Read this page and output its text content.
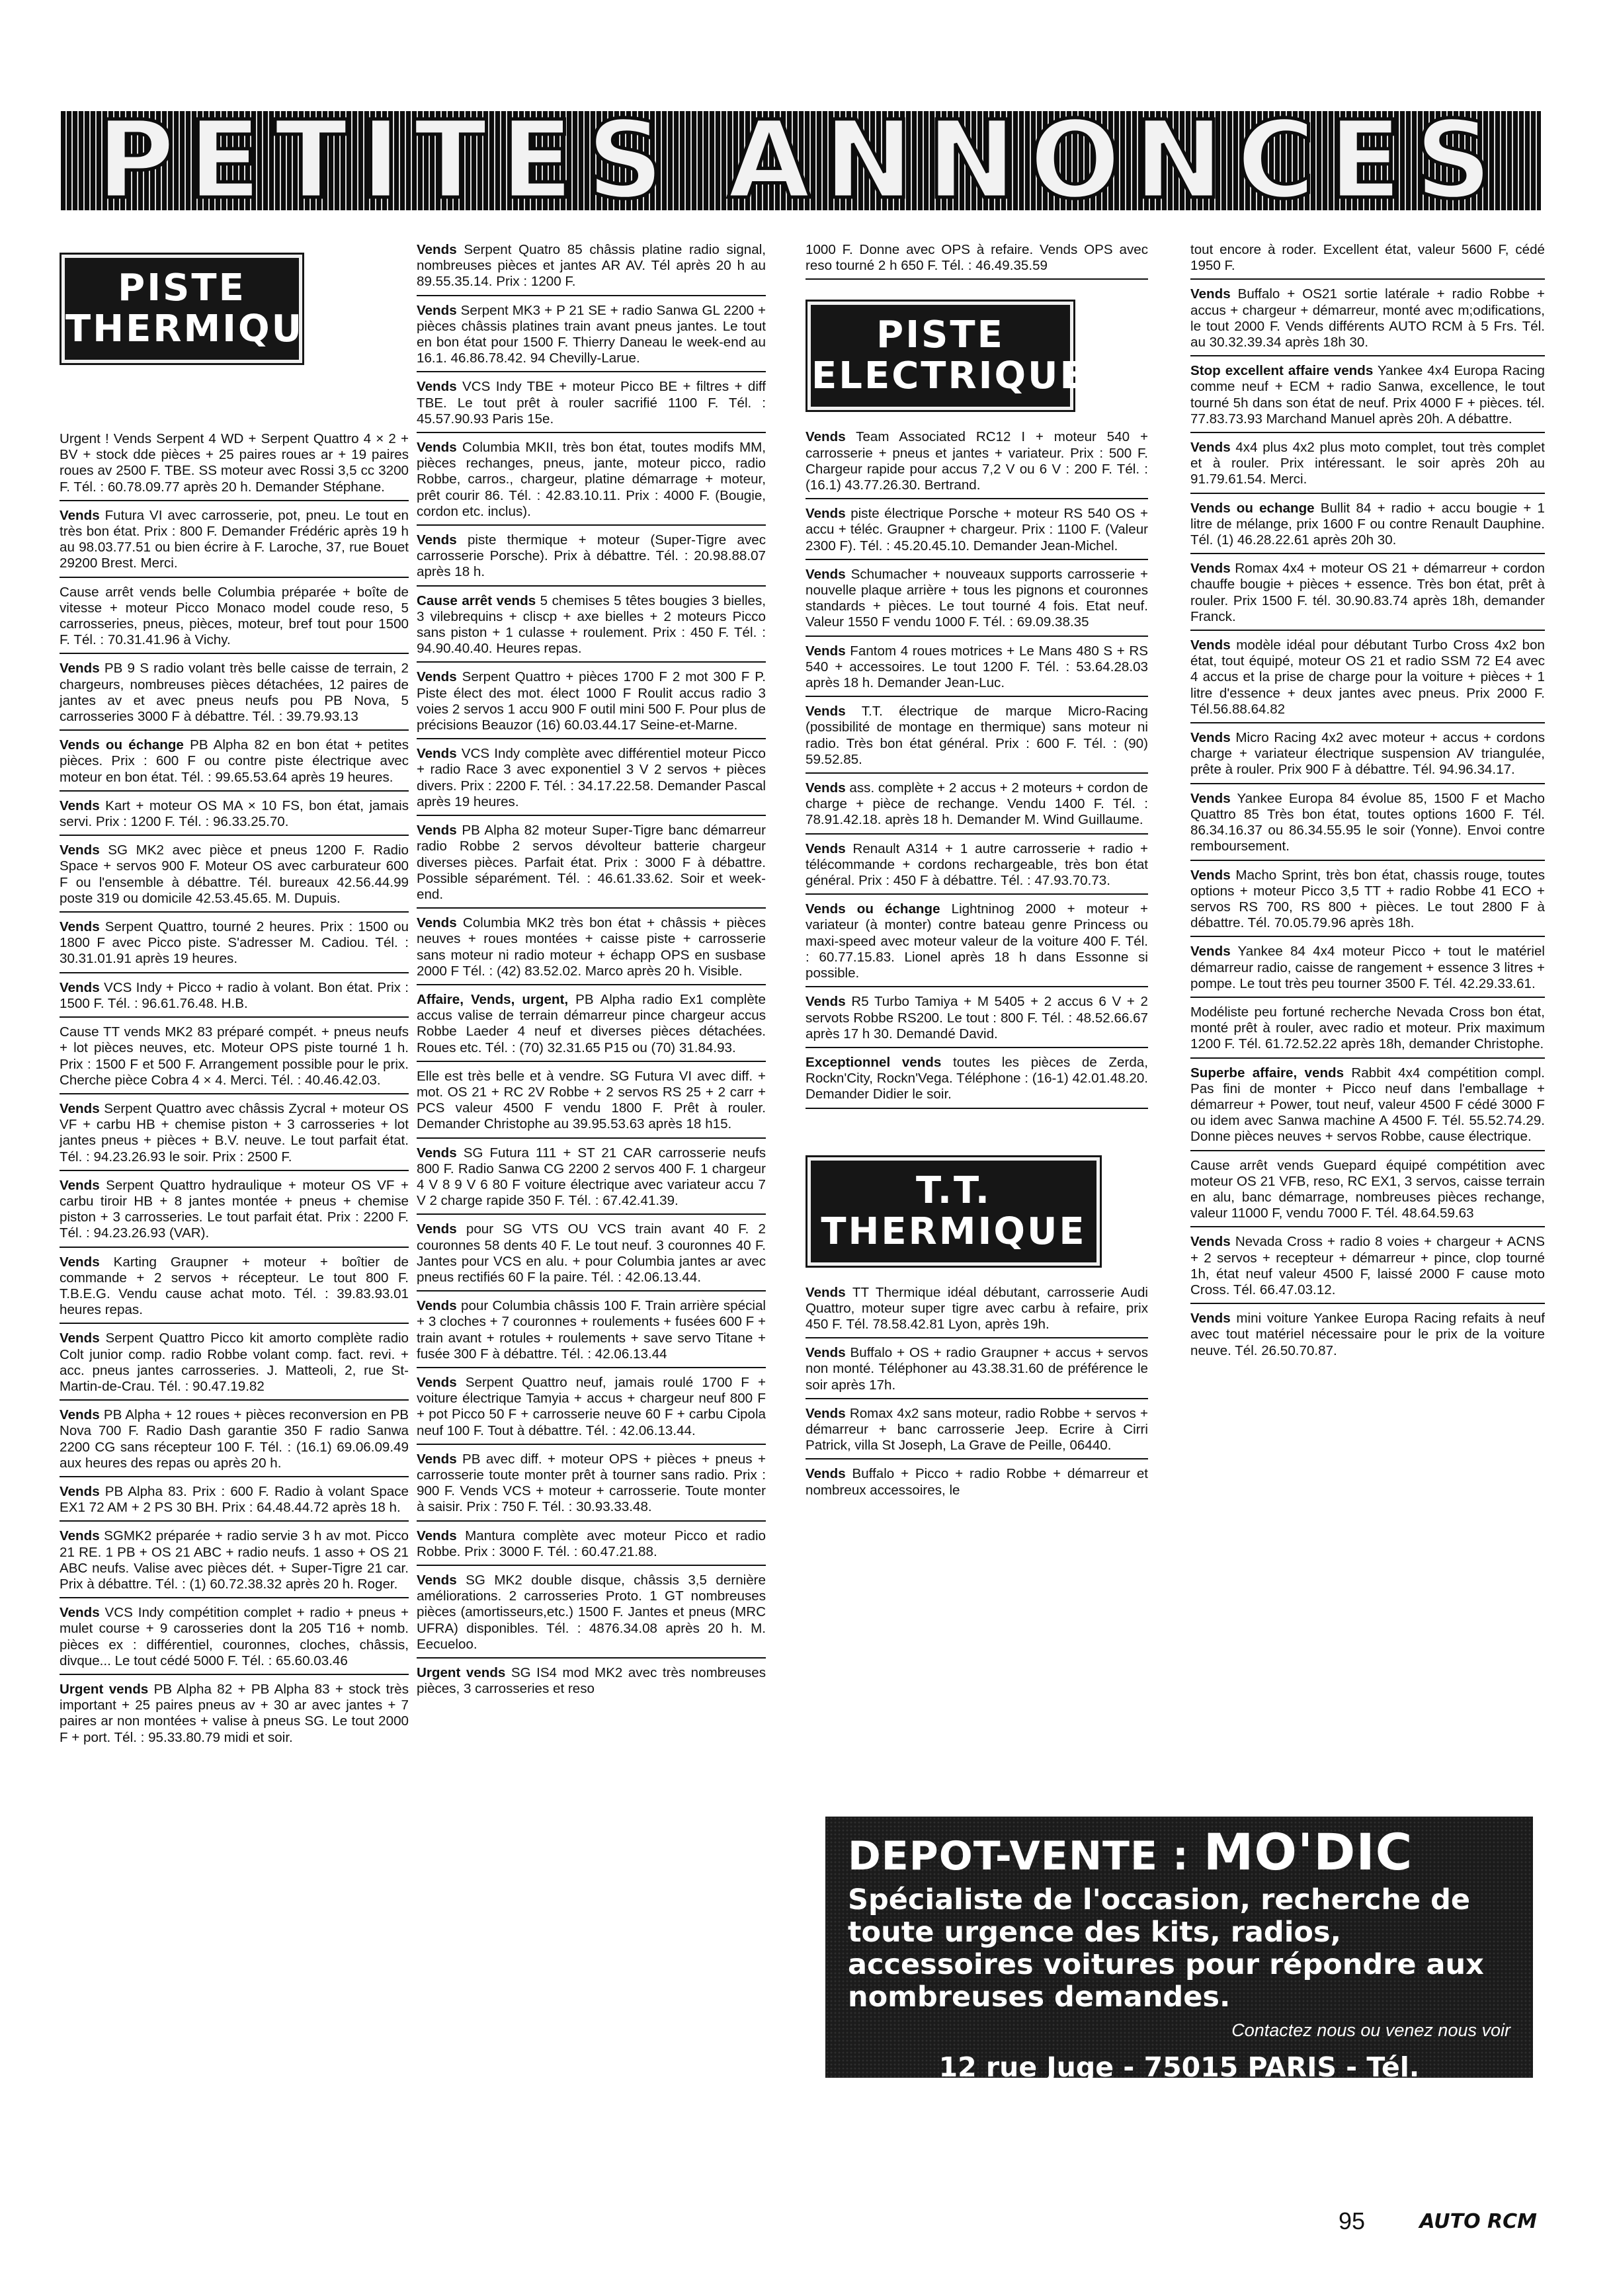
PETITES ANNONCES
PISTE
THERMIQUE
Urgent ! Vends Serpent 4 WD + Serpent Quattro 4 × 2 + BV + stock dde pièces + 25 paires roues ar + 19 paires roues av 2500 F. TBE. SS moteur avec Rossi 3,5 cc 3200 F. Tél. : 60.78.09.77 après 20 h. Demander Stéphane.
Vends Futura VI avec carrosserie, pot, pneu. Le tout en très bon état. Prix : 800 F. Demander Frédéric après 19 h au 98.03.77.51 ou bien écrire à F. Laroche, 37, rue Bouet 29200 Brest. Merci.
Cause arrêt vends belle Columbia préparée + boîte de vitesse + moteur Picco Monaco model coude reso, 5 carrosseries, pneus, pièces, moteur, bref tout pour 1500 F. Tél. : 70.31.41.96 à Vichy.
Vends PB 9 S radio volant très belle caisse de terrain, 2 chargeurs, nombreuses pièces détachées, 12 paires de jantes av et avec pneus neufs pou PB Nova, 5 carrosseries 3000 F à débattre. Tél. : 39.79.93.13
Vends ou échange PB Alpha 82 en bon état + petites pièces. Prix : 600 F ou contre piste électrique avec moteur en bon état. Tél. : 99.65.53.64 après 19 heures.
Vends Kart + moteur OS MA × 10 FS, bon état, jamais servi. Prix : 1200 F. Tél. : 96.33.25.70.
Vends SG MK2 avec pièce et pneus 1200 F. Radio Space + servos 900 F. Moteur OS avec carburateur 600 F ou l'ensemble à débattre. Tél. bureaux 42.56.44.99 poste 319 ou domicile 42.53.45.65. M. Dupuis.
Vends Serpent Quattro, tourné 2 heures. Prix : 1500 ou 1800 F avec Picco piste. S'adresser M. Cadiou. Tél. : 30.31.01.91 après 19 heures.
Vends VCS Indy + Picco + radio à volant. Bon état. Prix : 1500 F. Tél. : 96.61.76.48. H.B.
Cause TT vends MK2 83 préparé compét. + pneus neufs + lot pièces neuves, etc. Moteur OPS piste tourné 1 h. Prix : 1500 F et 500 F. Arrangement possible pour le prix. Cherche pièce Cobra 4 × 4. Merci. Tél. : 40.46.42.03.
Vends Serpent Quattro avec châssis Zycral + moteur OS VF + carbu HB + chemise piston + 3 carrosseries + lot jantes pneus + pièces + B.V. neuve. Le tout parfait état. Tél. : 94.23.26.93 le soir. Prix : 2500 F.
Vends Serpent Quattro hydraulique + moteur OS VF + carbu tiroir HB + 8 jantes montée + pneus + chemise piston + 3 carrosseries. Le tout parfait état. Prix : 2200 F. Tél. : 94.23.26.93 (VAR).
Vends Karting Graupner + moteur + boîtier de commande + 2 servos + récepteur. Le tout 800 F. T.B.E.G. Vendu cause achat moto. Tél. : 39.83.93.01 heures repas.
Vends Serpent Quattro Picco kit amorto complète radio Colt junior comp. radio Robbe volant comp. fact. revi. + acc. pneus jantes carrosseries. J. Matteoli, 2, rue St-Martin-de-Crau. Tél. : 90.47.19.82
Vends PB Alpha + 12 roues + pièces reconversion en PB Nova 700 F. Radio Dash garantie 350 F radio Sanwa 2200 CG sans récepteur 100 F. Tél. : (16.1) 69.06.09.49 aux heures des repas ou après 20 h.
Vends PB Alpha 83. Prix : 600 F. Radio à volant Space EX1 72 AM + 2 PS 30 BH. Prix : 64.48.44.72 après 18 h.
Vends SGMK2 préparée + radio servie 3 h av mot. Picco 21 RE. 1 PB + OS 21 ABC + radio neufs. 1 asso + OS 21 ABC neufs. Valise avec pièces dét. + Super-Tigre 21 car. Prix à débattre. Tél. : (1) 60.72.38.32 après 20 h. Roger.
Vends VCS Indy compétition complet + radio + pneus + mulet course + 9 carosseries dont la 205 T16 + nomb. pièces ex : différentiel, couronnes, cloches, châssis, divque... Le tout cédé 5000 F. Tél. : 65.60.03.46
Urgent vends PB Alpha 82 + PB Alpha 83 + stock très important + 25 paires pneus av + 30 ar avec jantes + 7 paires ar non montées + valise à pneus SG. Le tout 2000 F + port. Tél. : 95.33.80.79 midi et soir.
Vends Serpent Quatro 85 châssis platine radio signal, nombreuses pièces et jantes AR AV. Tél après 20 h au 89.55.35.14. Prix : 1200 F.
Vends Serpent MK3 + P 21 SE + radio Sanwa GL 2200 + pièces châssis platines train avant pneus jantes. Le tout en bon état pour 1500 F. Thierry Daneau le week-end au 16.1. 46.86.78.42. 94 Chevilly-Larue.
Vends VCS Indy TBE + moteur Picco BE + filtres + diff TBE. Le tout prêt à rouler sacrifié 1100 F. Tél. : 45.57.90.93 Paris 15e.
Vends Columbia MKII, très bon état, toutes modifs MM, pièces rechanges, pneus, jante, moteur picco, radio Robbe, carros., chargeur, platine démarrage + moteur, prêt courir 86. Tél. : 42.83.10.11. Prix : 4000 F. (Bougie, cordon etc. inclus).
Vends piste thermique + moteur (Super-Tigre avec carrosserie Porsche). Prix à débattre. Tél. : 20.98.88.07 après 18 h.
Cause arrêt vends 5 chemises 5 têtes bougies 3 bielles, 3 vilebrequins + cliscp + axe bielles + 2 moteurs Picco sans piston + 1 culasse + roulement. Prix : 450 F. Tél. : 94.90.40.40. Heures repas.
Vends Serpent Quattro + pièces 1700 F 2 mot 300 F P. Piste élect des mot. élect 1000 F Roulit accus radio 3 voies 2 servos 1 accu 900 F outil mini 500 F. Pour plus de précisions Beauzor (16) 60.03.44.17 Seine-et-Marne.
Vends VCS Indy complète avec différentiel moteur Picco + radio Race 3 avec exponentiel 3 V 2 servos + pièces divers. Prix : 2200 F. Tél. : 34.17.22.58. Demander Pascal après 19 heures.
Vends PB Alpha 82 moteur Super-Tigre banc démarreur radio Robbe 2 servos dévolteur batterie chargeur diverses pièces. Parfait état. Prix : 3000 F à débattre. Possible séparément. Tél. : 46.61.33.62. Soir et week-end.
Vends Columbia MK2 très bon état + châssis + pièces neuves + roues montées + caisse piste + carrosserie sans moteur ni radio moteur + échapp OPS en susbase 2000 F Tél. : (42) 83.52.02. Marco après 20 h. Visible.
Affaire, Vends, urgent, PB Alpha radio Ex1 complète accus valise de terrain démarreur pince chargeur accus Robbe Laeder 4 neuf et diverses pièces détachées. Roues etc. Tél. : (70) 32.31.65 P15 ou (70) 31.84.93.
Elle est très belle et à vendre. SG Futura VI avec diff. + mot. OS 21 + RC 2V Robbe + 2 servos RS 25 + 2 carr + PCS valeur 4500 F vendu 1800 F. Prêt à rouler. Demander Christophe au 39.95.53.63 après 18 h15.
Vends SG Futura 111 + ST 21 CAR carrosserie neufs 800 F. Radio Sanwa CG 2200 2 servos 400 F. 1 chargeur 4 V 8 9 V 6 80 F voiture électrique avec variateur accu 7 V 2 charge rapide 350 F. Tél. : 67.42.41.39.
Vends pour SG VTS OU VCS train avant 40 F. 2 couronnes 58 dents 40 F. Le tout neuf. 3 couronnes 40 F. Jantes pour VCS en alu. + pour Columbia jantes ar avec pneus rectifiés 60 F la paire. Tél. : 42.06.13.44.
Vends pour Columbia châssis 100 F. Train arrière spécial + 3 cloches + 7 couronnes + roulements + fusées 600 F + train avant + rotules + roulements + save servo Titane + fusée 300 F à débattre. Tél. : 42.06.13.44
Vends Serpent Quattro neuf, jamais roulé 1700 F + voiture électrique Tamyia + accus + chargeur neuf 800 F + pot Picco 50 F + carrosserie neuve 60 F + carbu Cipola neuf 100 F. Tout à débattre. Tél. : 42.06.13.44.
Vends PB avec diff. + moteur OPS + pièces + pneus + carrosserie toute monter prêt à tourner sans radio. Prix : 900 F. Vends VCS + moteur + carrosserie. Toute monter à saisir. Prix : 750 F. Tél. : 30.93.33.48.
Vends Mantura complète avec moteur Picco et radio Robbe. Prix : 3000 F. Tél. : 60.47.21.88.
Vends SG MK2 double disque, châssis 3,5 dernière améliorations. 2 carrosseries Proto. 1 GT nombreuses pièces (amortisseurs,etc.) 1500 F. Jantes et pneus (MRC UFRA) disponibles. Tél. : 4876.34.08 après 20 h. M. Eecueloo.
Urgent vends SG IS4 mod MK2 avec très nombreuses pièces, 3 carrosseries et reso
1000 F. Donne avec OPS à refaire. Vends OPS avec reso tourné 2 h 650 F. Tél. : 46.49.35.59
PISTE
ELECTRIQUE
Vends Team Associated RC12 I + moteur 540 + carrosserie + pneus et jantes + variateur. Prix : 500 F. Chargeur rapide pour accus 7,2 V ou 6 V : 200 F. Tél. : (16.1) 43.77.26.30. Bertrand.
Vends piste électrique Porsche + moteur RS 540 OS + accu + téléc. Graupner + chargeur. Prix : 1100 F. (Valeur 2300 F). Tél. : 45.20.45.10. Demander Jean-Michel.
Vends Schumacher + nouveaux supports carrosserie + nouvelle plaque arrière + tous les pignons et couronnes standards + pièces. Le tout tourné 4 fois. Etat neuf. Valeur 1550 F vendu 1000 F. Tél. : 69.09.38.35
Vends Fantom 4 roues motrices + Le Mans 480 S + RS 540 + accessoires. Le tout 1200 F. Tél. : 53.64.28.03 après 18 h. Demander Jean-Luc.
Vends T.T. électrique de marque Micro-Racing (possibilité de montage en thermique) sans moteur ni radio. Très bon état général. Prix : 600 F. Tél. : (90) 59.52.85.
Vends ass. complète + 2 accus + 2 moteurs + cordon de charge + pièce de rechange. Vendu 1400 F. Tél. : 78.91.42.18. après 18 h. Demander M. Wind Guillaume.
Vends Renault A314 + 1 autre carrosserie + radio + télécommande + cordons rechargeable, très bon état général. Prix : 450 F à débattre. Tél. : 47.93.70.73.
Vends ou échange Lightninog 2000 + moteur + variateur (à monter) contre bateau genre Princess ou maxi-speed avec moteur valeur de la voiture 400 F. Tél. : 60.77.15.83. Lionel après 18 h dans Essonne si possible.
Vends R5 Turbo Tamiya + M 5405 + 2 accus 6 V + 2 servots Robbe RS200. Le tout : 800 F. Tél. : 48.52.66.67 après 17 h 30. Demandé David.
Exceptionnel vends toutes les pièces de Zerda, Rockn'City, Rockn'Vega. Téléphone : (16-1) 42.01.48.20. Demander Didier le soir.
T.T.
THERMIQUE
Vends TT Thermique idéal débutant, carrosserie Audi Quattro, moteur super tigre avec carbu à refaire, prix 450 F. Tél. 78.58.42.81 Lyon, après 19h.
Vends Buffalo + OS + radio Graupner + accus + servos non monté. Téléphoner au 43.38.31.60 de préférence le soir après 17h.
Vends Romax 4x2 sans moteur, radio Robbe + servos + démarreur + banc carrosserie Jeep. Ecrire à Cirri Patrick, villa St Joseph, La Grave de Peille, 06440.
Vends Buffalo + Picco + radio Robbe + démarreur et nombreux accessoires, le
tout encore à roder. Excellent état, valeur 5600 F, cédé 1950 F.
Vends Buffalo + OS21 sortie latérale + radio Robbe + accus + chargeur + démarreur, monté avec m;odifications, le tout 2000 F. Vends différents AUTO RCM à 5 Frs. Tél. au 30.32.39.34 après 18h 30.
Stop excellent affaire vends Yankee 4x4 Europa Racing comme neuf + ECM + radio Sanwa, excellence, le tout tourné 5h dans son état de neuf. Prix 4000 F + pièces. tél. 77.83.73.93 Marchand Manuel après 20h. A débattre.
Vends 4x4 plus 4x2 plus moto complet, tout très complet et à rouler. Prix intéressant. le soir après 20h au 91.79.61.54. Merci.
Vends ou echange Bullit 84 + radio + accu bougie + 1 litre de mélange, prix 1600 F ou contre Renault Dauphine. Tél. (1) 46.28.22.61 après 20h 30.
Vends Romax 4x4 + moteur OS 21 + démarreur + cordon chauffe bougie + pièces + essence. Très bon état, prêt à rouler. Prix 1500 F. tél. 30.90.83.74 après 18h, demander Franck.
Vends modèle idéal pour débutant Turbo Cross 4x2 bon état, tout équipé, moteur OS 21 et radio SSM 72 E4 avec 4 accus et la prise de charge pour la voiture + pièces + 1 litre d'essence + deux jantes avec pneus. Prix 2000 F. Tél.56.88.64.82
Vends Micro Racing 4x2 avec moteur + accus + cordons charge + variateur électrique suspension AV triangulée, prête à rouler. Prix 900 F à débattre. Tél. 94.96.34.17.
Vends Yankee Europa 84 évolue 85, 1500 F et Macho Quattro 85 Très bon état, toutes options 1600 F. Tél. 86.34.16.37 ou 86.34.55.95 le soir (Yonne). Envoi contre remboursement.
Vends Macho Sprint, très bon état, chassis rouge, toutes options + moteur Picco 3,5 TT + radio Robbe 41 ECO + servos RS 700, RS 800 + pièces. Le tout 2800 F à débattre. Tél. 70.05.79.96 après 18h.
Vends Yankee 84 4x4 moteur Picco + tout le matériel démarreur radio, caisse de rangement + essence 3 litres + pompe. Le tout très peu tourner 3500 F. Tél. 42.29.33.61.
Modéliste peu fortuné recherche Nevada Cross bon état, monté prêt à rouler, avec radio et moteur. Prix maximum 1200 F. Tél. 61.72.52.22 après 18h, demander Christophe.
Superbe affaire, vends Rabbit 4x4 compétition compl. Pas fini de monter + Picco neuf dans l'emballage + démarreur + Power, tout neuf, valeur 4500 F cédé 3000 F ou idem avec Sanwa machine A 4500 F. Tél. 55.52.74.29. Donne pièces neuves + servos Robbe, cause électrique.
Cause arrêt vends Guepard équipé compétition avec moteur OS 21 VFB, reso, RC EX1, 3 servos, caisse terrain en alu, banc démarrage, nombreuses pièces rechange, valeur 11000 F, vendu 7000 F. Tél. 48.64.59.63
Vends Nevada Cross + radio 8 voies + chargeur + ACNS + 2 servos + recepteur + démarreur + pince, clop tourné 1h, état neuf valeur 4500 F, laissé 2000 F cause moto Cross. Tél. 66.47.03.12.
Vends mini voiture Yankee Europa Racing refaits à neuf avec tout matériel nécessaire pour le prix de la voiture neuve. Tél. 26.50.70.87.
DEPOT-VENTE : MO'DIC
Spécialiste de l'occasion, recherche de toute urgence des kits, radios, accessoires voitures pour répondre aux nombreuses demandes.
Contactez nous ou venez nous voir
12 rue Juge - 75015 PARIS - Tél. 45.75.10.48
95	AUTO RCM
